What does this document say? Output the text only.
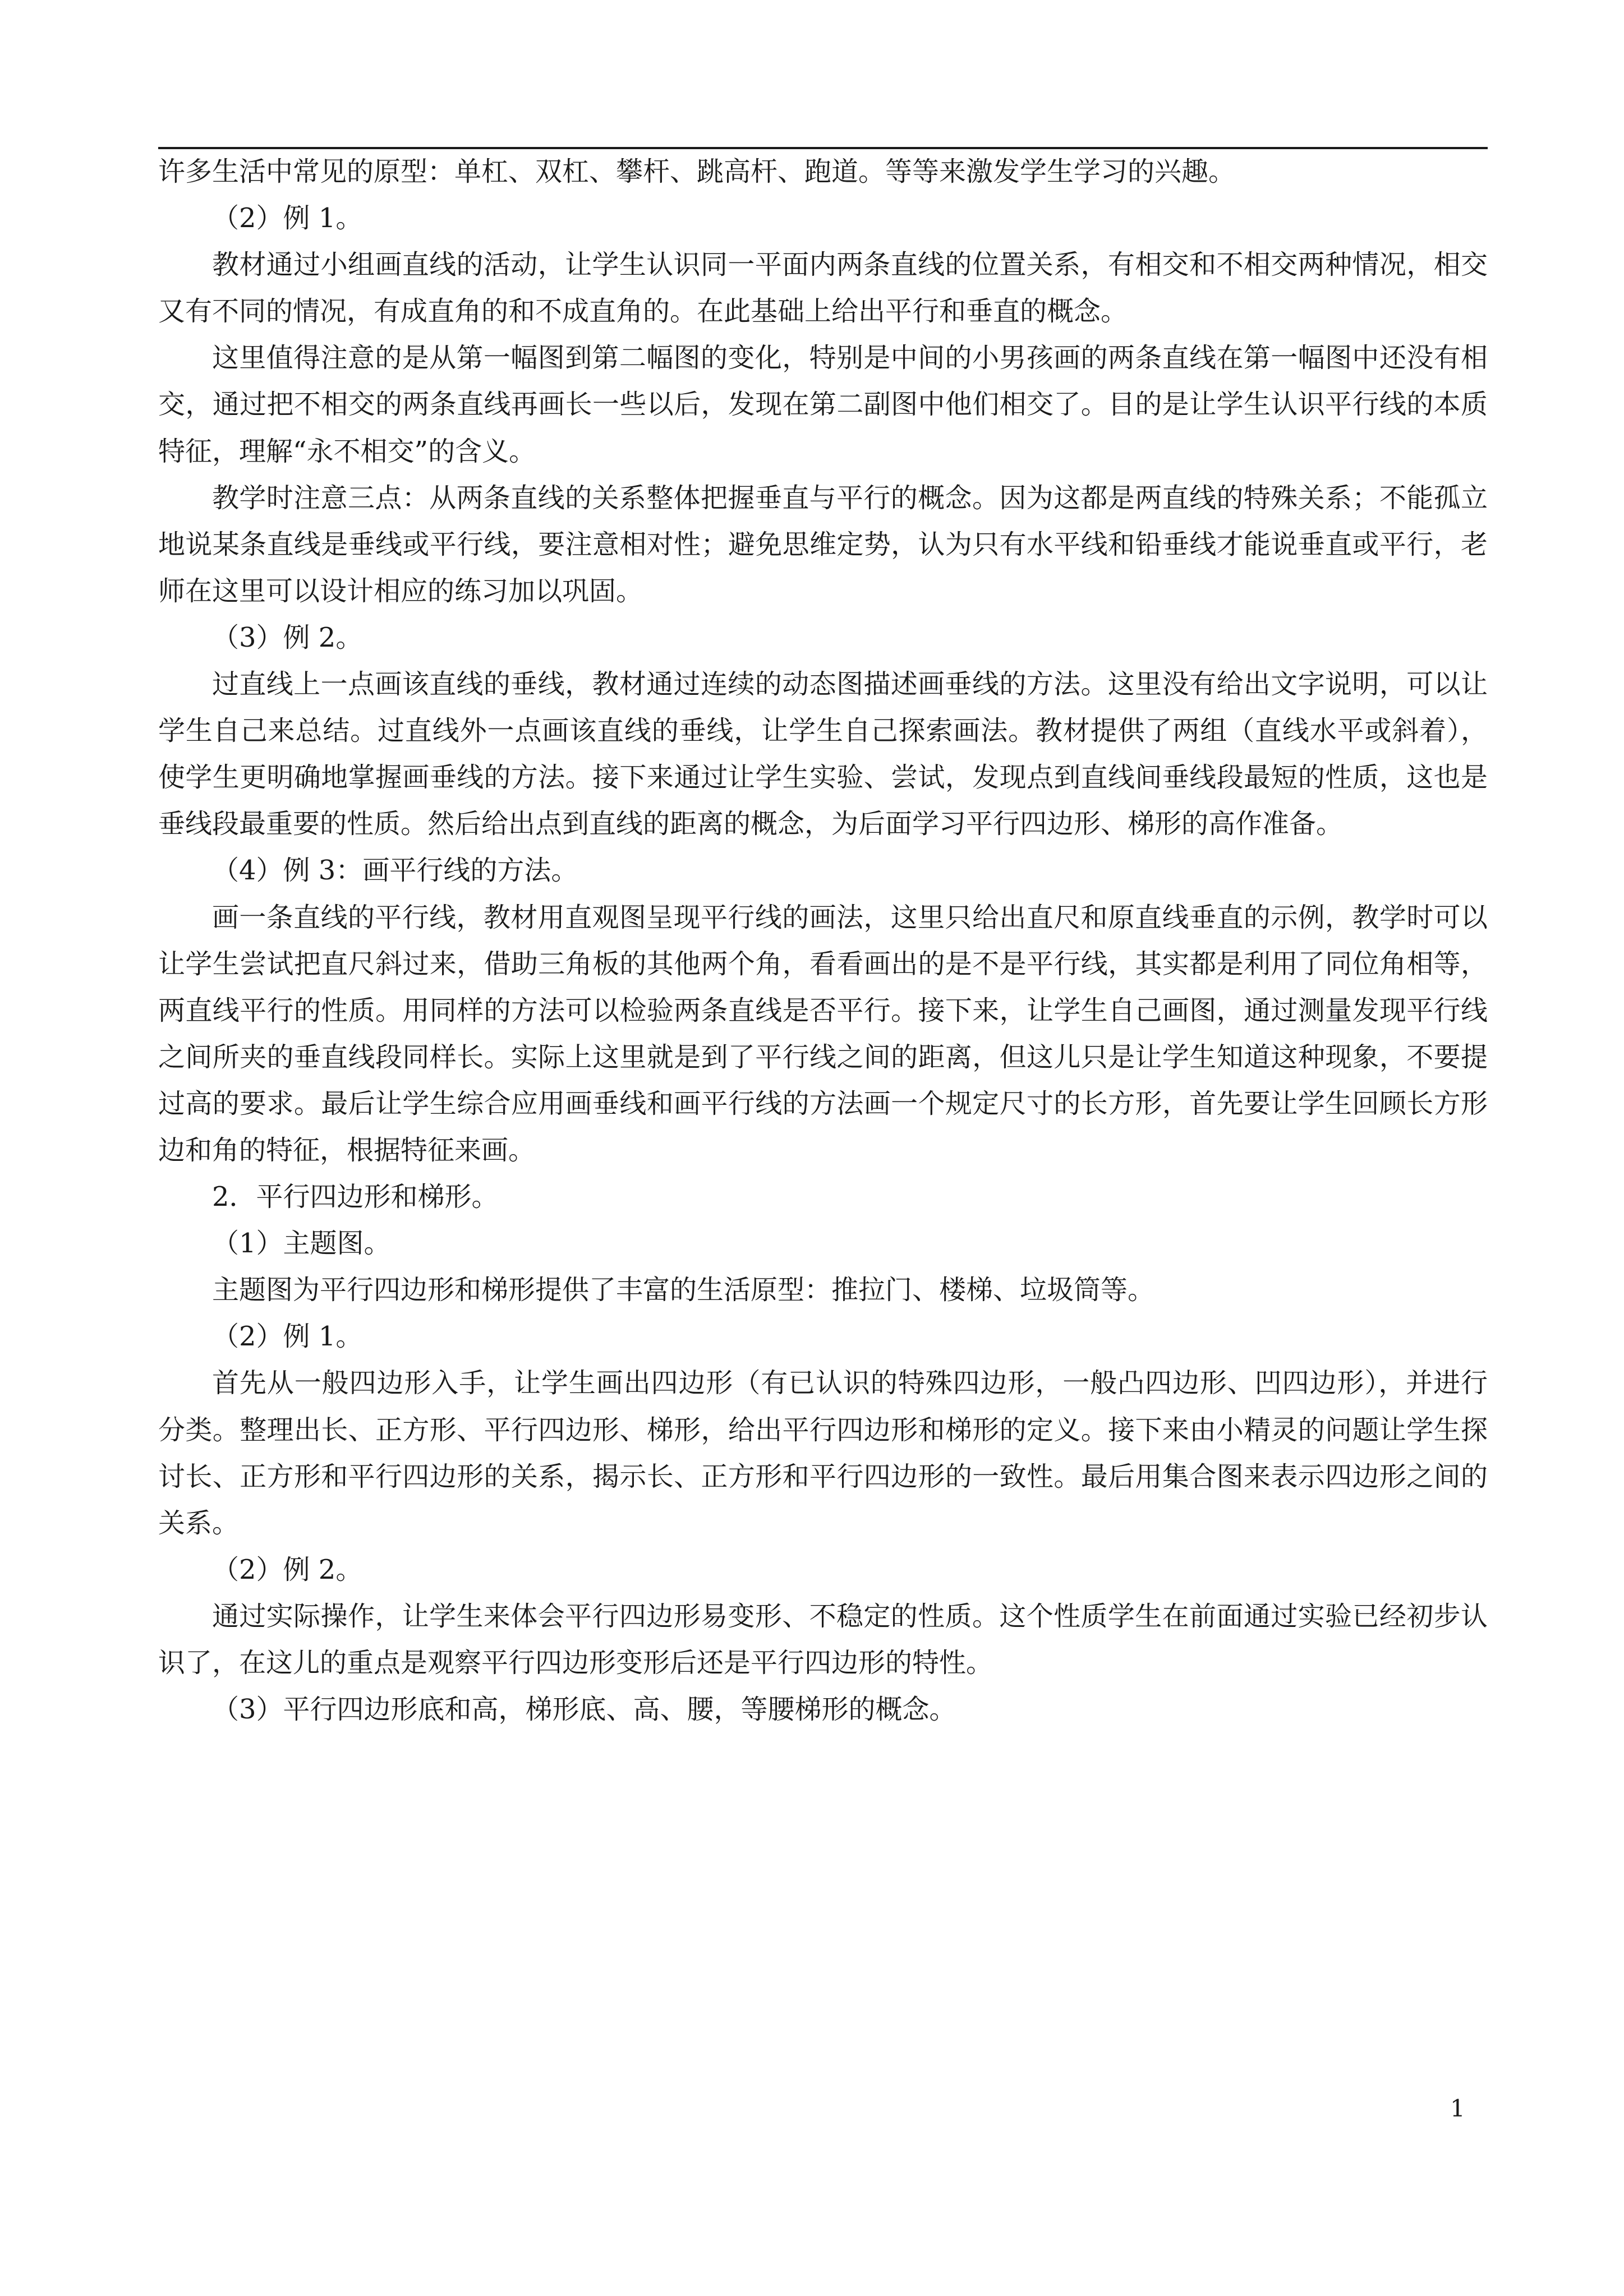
许多生活中常见的原型：单杠、双杠、攀杆、跳高杆、跑道。等等来激发学生学习的兴趣。

（2）例 1。

教材通过小组画直线的活动，让学生认识同一平面内两条直线的位置关系，有相交和不相交两种情况，相交又有不同的情况，有成直角的和不成直角的。在此基础上给出平行和垂直的概念。

这里值得注意的是从第一幅图到第二幅图的变化，特别是中间的小男孩画的两条直线在第一幅图中还没有相交，通过把不相交的两条直线再画长一些以后，发现在第二副图中他们相交了。目的是让学生认识平行线的本质特征，理解“永不相交”的含义。

教学时注意三点：从两条直线的关系整体把握垂直与平行的概念。因为这都是两直线的特殊关系；不能孤立地说某条直线是垂线或平行线，要注意相对性；避免思维定势，认为只有水平线和铅垂线才能说垂直或平行，老师在这里可以设计相应的练习加以巩固。

（3）例 2。

过直线上一点画该直线的垂线，教材通过连续的动态图描述画垂线的方法。这里没有给出文字说明，可以让学生自己来总结。过直线外一点画该直线的垂线，让学生自己探索画法。教材提供了两组（直线水平或斜着），使学生更明确地掌握画垂线的方法。接下来通过让学生实验、尝试，发现点到直线间垂线段最短的性质，这也是垂线段最重要的性质。然后给出点到直线的距离的概念，为后面学习平行四边形、梯形的高作准备。

（4）例 3：画平行线的方法。

画一条直线的平行线，教材用直观图呈现平行线的画法，这里只给出直尺和原直线垂直的示例，教学时可以让学生尝试把直尺斜过来，借助三角板的其他两个角，看看画出的是不是平行线，其实都是利用了同位角相等，两直线平行的性质。用同样的方法可以检验两条直线是否平行。接下来，让学生自己画图，通过测量发现平行线之间所夹的垂直线段同样长。实际上这里就是到了平行线之间的距离，但这儿只是让学生知道这种现象，不要提过高的要求。最后让学生综合应用画垂线和画平行线的方法画一个规定尺寸的长方形，首先要让学生回顾长方形边和角的特征，根据特征来画。

2．平行四边形和梯形。

（1）主题图。

主题图为平行四边形和梯形提供了丰富的生活原型：推拉门、楼梯、垃圾筒等。

（2）例 1。

首先从一般四边形入手，让学生画出四边形（有已认识的特殊四边形，一般凸四边形、凹四边形），并进行分类。整理出长、正方形、平行四边形、梯形，给出平行四边形和梯形的定义。接下来由小精灵的问题让学生探讨长、正方形和平行四边形的关系，揭示长、正方形和平行四边形的一致性。最后用集合图来表示四边形之间的关系。

（2）例 2。

通过实际操作，让学生来体会平行四边形易变形、不稳定的性质。这个性质学生在前面通过实验已经初步认识了，在这儿的重点是观察平行四边形变形后还是平行四边形的特性。

（3）平行四边形底和高，梯形底、高、腰，等腰梯形的概念。

1
